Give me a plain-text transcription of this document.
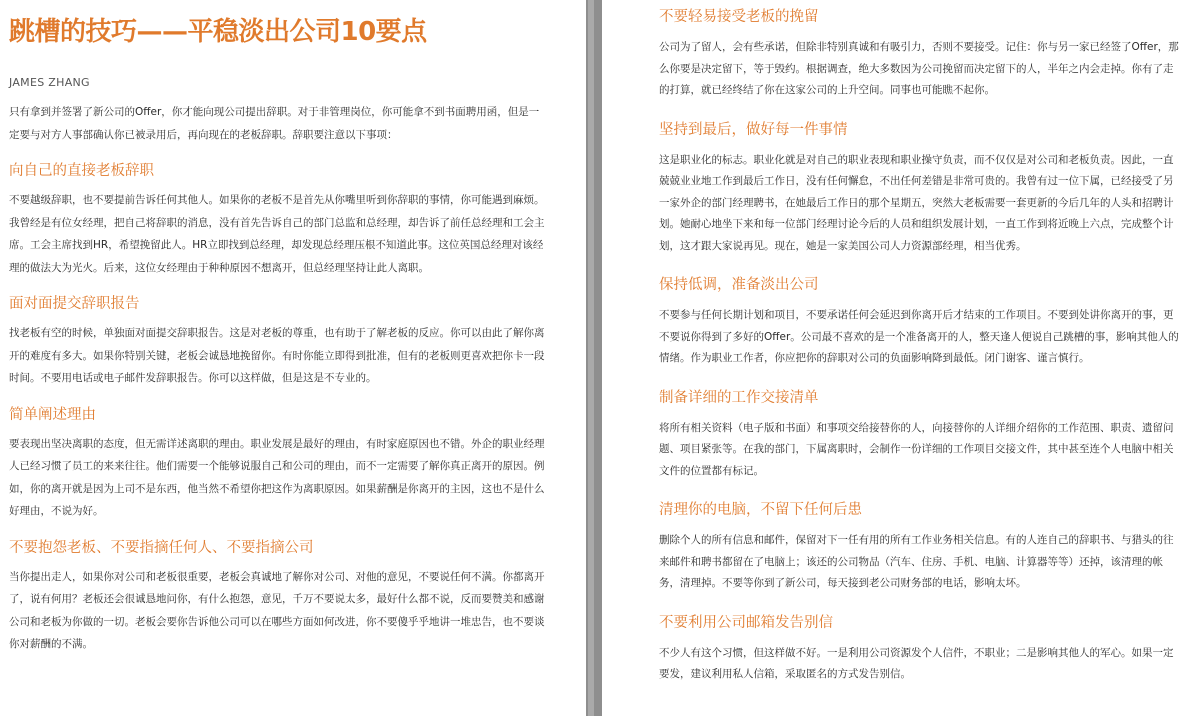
跳槽的技巧——平稳淡出公司10要点
JAMES ZHANG

只有拿到并签署了新公司的Offer，你才能向现公司提出辞职。对于非管理岗位，你可能拿不到书面聘用函，但是一定要与对方人事部确认你已被录用后，再向现在的老板辞职。辞职要注意以下事项：

向自己的直接老板辞职

不要越级辞职，也不要提前告诉任何其他人。如果你的老板不是首先从你嘴里听到你辞职的事情，你可能遇到麻烦。我曾经是有位女经理，把自己将辞职的消息，没有首先告诉自己的部门总监和总经理，却告诉了前任总经理和工会主席。工会主席找到HR，希望挽留此人。HR立即找到总经理，却发现总经理压根不知道此事。这位英国总经理对该经理的做法大为光火。后来，这位女经理由于种种原因不想离开，但总经理坚持让此人离职。

面对面提交辞职报告

找老板有空的时候，单独面对面提交辞职报告。这是对老板的尊重，也有助于了解老板的反应。你可以由此了解你离开的难度有多大。如果你特别关键，老板会诚恳地挽留你。有时你能立即得到批准，但有的老板则更喜欢把你卡一段时间。不要用电话或电子邮件发辞职报告。你可以这样做，但是这是不专业的。

简单阐述理由

要表现出坚决离职的态度，但无需详述离职的理由。职业发展是最好的理由，有时家庭原因也不错。外企的职业经理人已经习惯了员工的来来往往。他们需要一个能够说服自己和公司的理由，而不一定需要了解你真正离开的原因。例如，你的离开就是因为上司不是东西，他当然不希望你把这作为离职原因。如果薪酬是你离开的主因，这也不是什么好理由，不说为好。

不要抱怨老板、不要指摘任何人、不要指摘公司

当你提出走人，如果你对公司和老板很重要，老板会真诚地了解你对公司、对他的意见，不要说任何不满。你都离开了，说有何用？老板还会很诚恳地问你，有什么抱怨，意见，千万不要说太多，最好什么都不说，反而要赞美和感谢公司和老板为你做的一切。老板会要你告诉他公司可以在哪些方面如何改进，你不要傻乎乎地讲一堆忠告，也不要谈你对薪酬的不满。

不要轻易接受老板的挽留

公司为了留人，会有些承诺，但除非特别真诚和有吸引力，否则不要接受。记住：你与另一家已经签了Offer，那么你要是决定留下，等于毁约。根据调查，绝大多数因为公司挽留而决定留下的人，半年之内会走掉。你有了走的打算，就已经终结了你在这家公司的上升空间。同事也可能瞧不起你。

坚持到最后，做好每一件事情

这是职业化的标志。职业化就是对自己的职业表现和职业操守负责，而不仅仅是对公司和老板负责。因此，一直兢兢业业地工作到最后工作日，没有任何懈怠，不出任何差错是非常可贵的。我曾有过一位下属，已经接受了另一家外企的部门经理聘书，在她最后工作日的那个星期五，突然大老板需要一套更新的今后几年的人头和招聘计划。她耐心地坐下来和每一位部门经理讨论今后的人员和组织发展计划，一直工作到将近晚上六点，完成整个计划，这才跟大家说再见。现在，她是一家美国公司人力资源部经理，相当优秀。

保持低调，准备淡出公司

不要参与任何长期计划和项目，不要承诺任何会延迟到你离开后才结束的工作项目。不要到处讲你离开的事，更不要说你得到了多好的Offer。公司最不喜欢的是一个准备离开的人，整天逢人便说自己跳槽的事，影响其他人的情绪。作为职业工作者，你应把你的辞职对公司的负面影响降到最低。闭门谢客、谨言慎行。

制备详细的工作交接清单

将所有相关资料（电子版和书面）和事项交给接替你的人，向接替你的人详细介绍你的工作范围、职责、遗留问题、项目紧张等。在我的部门，下属离职时，会制作一份详细的工作项目交接文件，其中甚至连个人电脑中相关文件的位置都有标记。

清理你的电脑，不留下任何后患

删除个人的所有信息和邮件，保留对下一任有用的所有工作业务相关信息。有的人连自己的辞职书、与猎头的往来邮件和聘书都留在了电脑上；该还的公司物品（汽车、住房、手机、电脑、计算器等等）还掉，该清理的帐务，清理掉。不要等你到了新公司，每天接到老公司财务部的电话，影响太坏。

不要利用公司邮箱发告别信

不少人有这个习惯，但这样做不好。一是利用公司资源发个人信件，不职业；二是影响其他人的军心。如果一定要发，建议利用私人信箱，采取匿名的方式发告别信。
